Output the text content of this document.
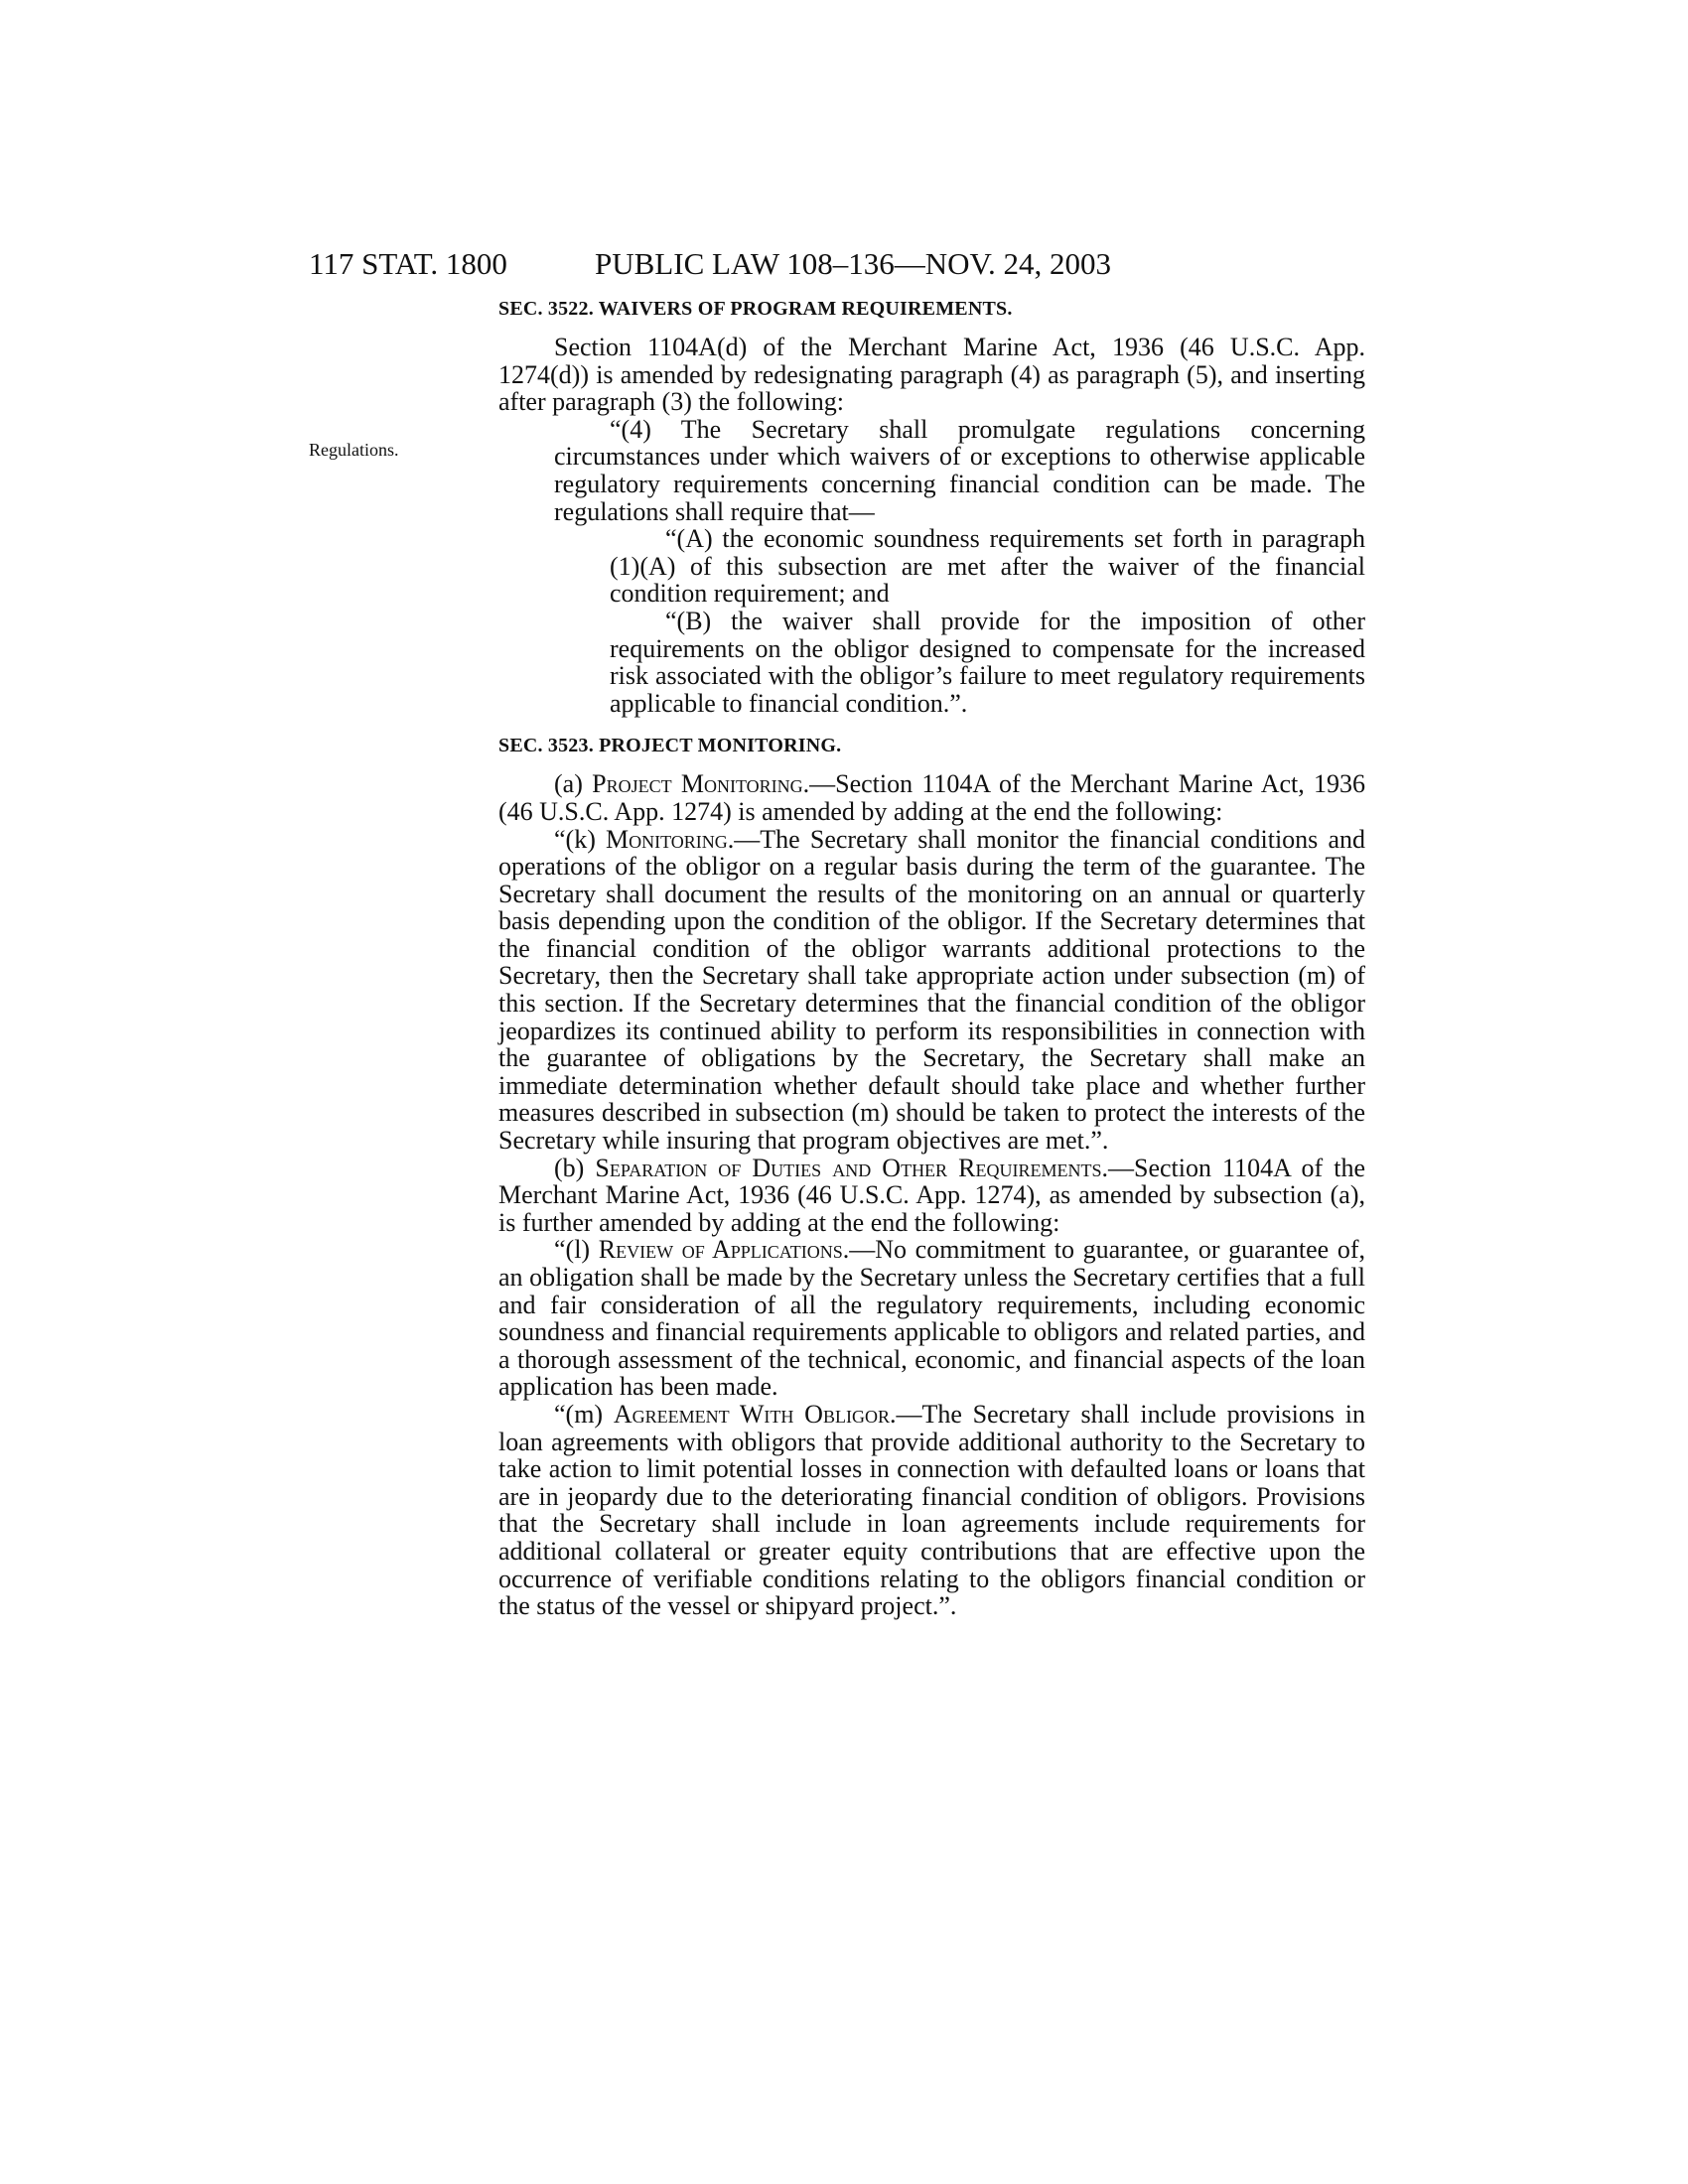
117 STAT. 1800	PUBLIC LAW 108–136—NOV. 24, 2003
Regulations.

SEC. 3522. WAIVERS OF PROGRAM REQUIREMENTS.

Section 1104A(d) of the Merchant Marine Act, 1936 (46 U.S.C. App. 1274(d)) is amended by redesignating paragraph (4) as paragraph (5), and inserting after paragraph (3) the following:

“(4) The Secretary shall promulgate regulations concerning circumstances under which waivers of or exceptions to otherwise applicable regulatory requirements concerning financial condition can be made. The regulations shall require that—

“(A) the economic soundness requirements set forth in paragraph (1)(A) of this subsection are met after the waiver of the financial condition requirement; and

“(B) the waiver shall provide for the imposition of other requirements on the obligor designed to compensate for the increased risk associated with the obligor’s failure to meet regulatory requirements applicable to financial condition.”.

SEC. 3523. PROJECT MONITORING.

(a) Project Monitoring.—Section 1104A of the Merchant Marine Act, 1936 (46 U.S.C. App. 1274) is amended by adding at the end the following:

“(k) Monitoring.—The Secretary shall monitor the financial conditions and operations of the obligor on a regular basis during the term of the guarantee. The Secretary shall document the results of the monitoring on an annual or quarterly basis depending upon the condition of the obligor. If the Secretary determines that the financial condition of the obligor warrants additional protections to the Secretary, then the Secretary shall take appropriate action under subsection (m) of this section. If the Secretary determines that the financial condition of the obligor jeopardizes its continued ability to perform its responsibilities in connection with the guarantee of obligations by the Secretary, the Secretary shall make an immediate determination whether default should take place and whether further measures described in subsection (m) should be taken to protect the interests of the Secretary while insuring that program objectives are met.”.

(b) Separation of Duties and Other Requirements.—Section 1104A of the Merchant Marine Act, 1936 (46 U.S.C. App. 1274), as amended by subsection (a), is further amended by adding at the end the following:

“(l) Review of Applications.—No commitment to guarantee, or guarantee of, an obligation shall be made by the Secretary unless the Secretary certifies that a full and fair consideration of all the regulatory requirements, including economic soundness and financial requirements applicable to obligors and related parties, and a thorough assessment of the technical, economic, and financial aspects of the loan application has been made.

“(m) Agreement With Obligor.—The Secretary shall include provisions in loan agreements with obligors that provide additional authority to the Secretary to take action to limit potential losses in connection with defaulted loans or loans that are in jeopardy due to the deteriorating financial condition of obligors. Provisions that the Secretary shall include in loan agreements include requirements for additional collateral or greater equity contributions that are effective upon the occurrence of verifiable conditions relating to the obligors financial condition or the status of the vessel or shipyard project.”.
